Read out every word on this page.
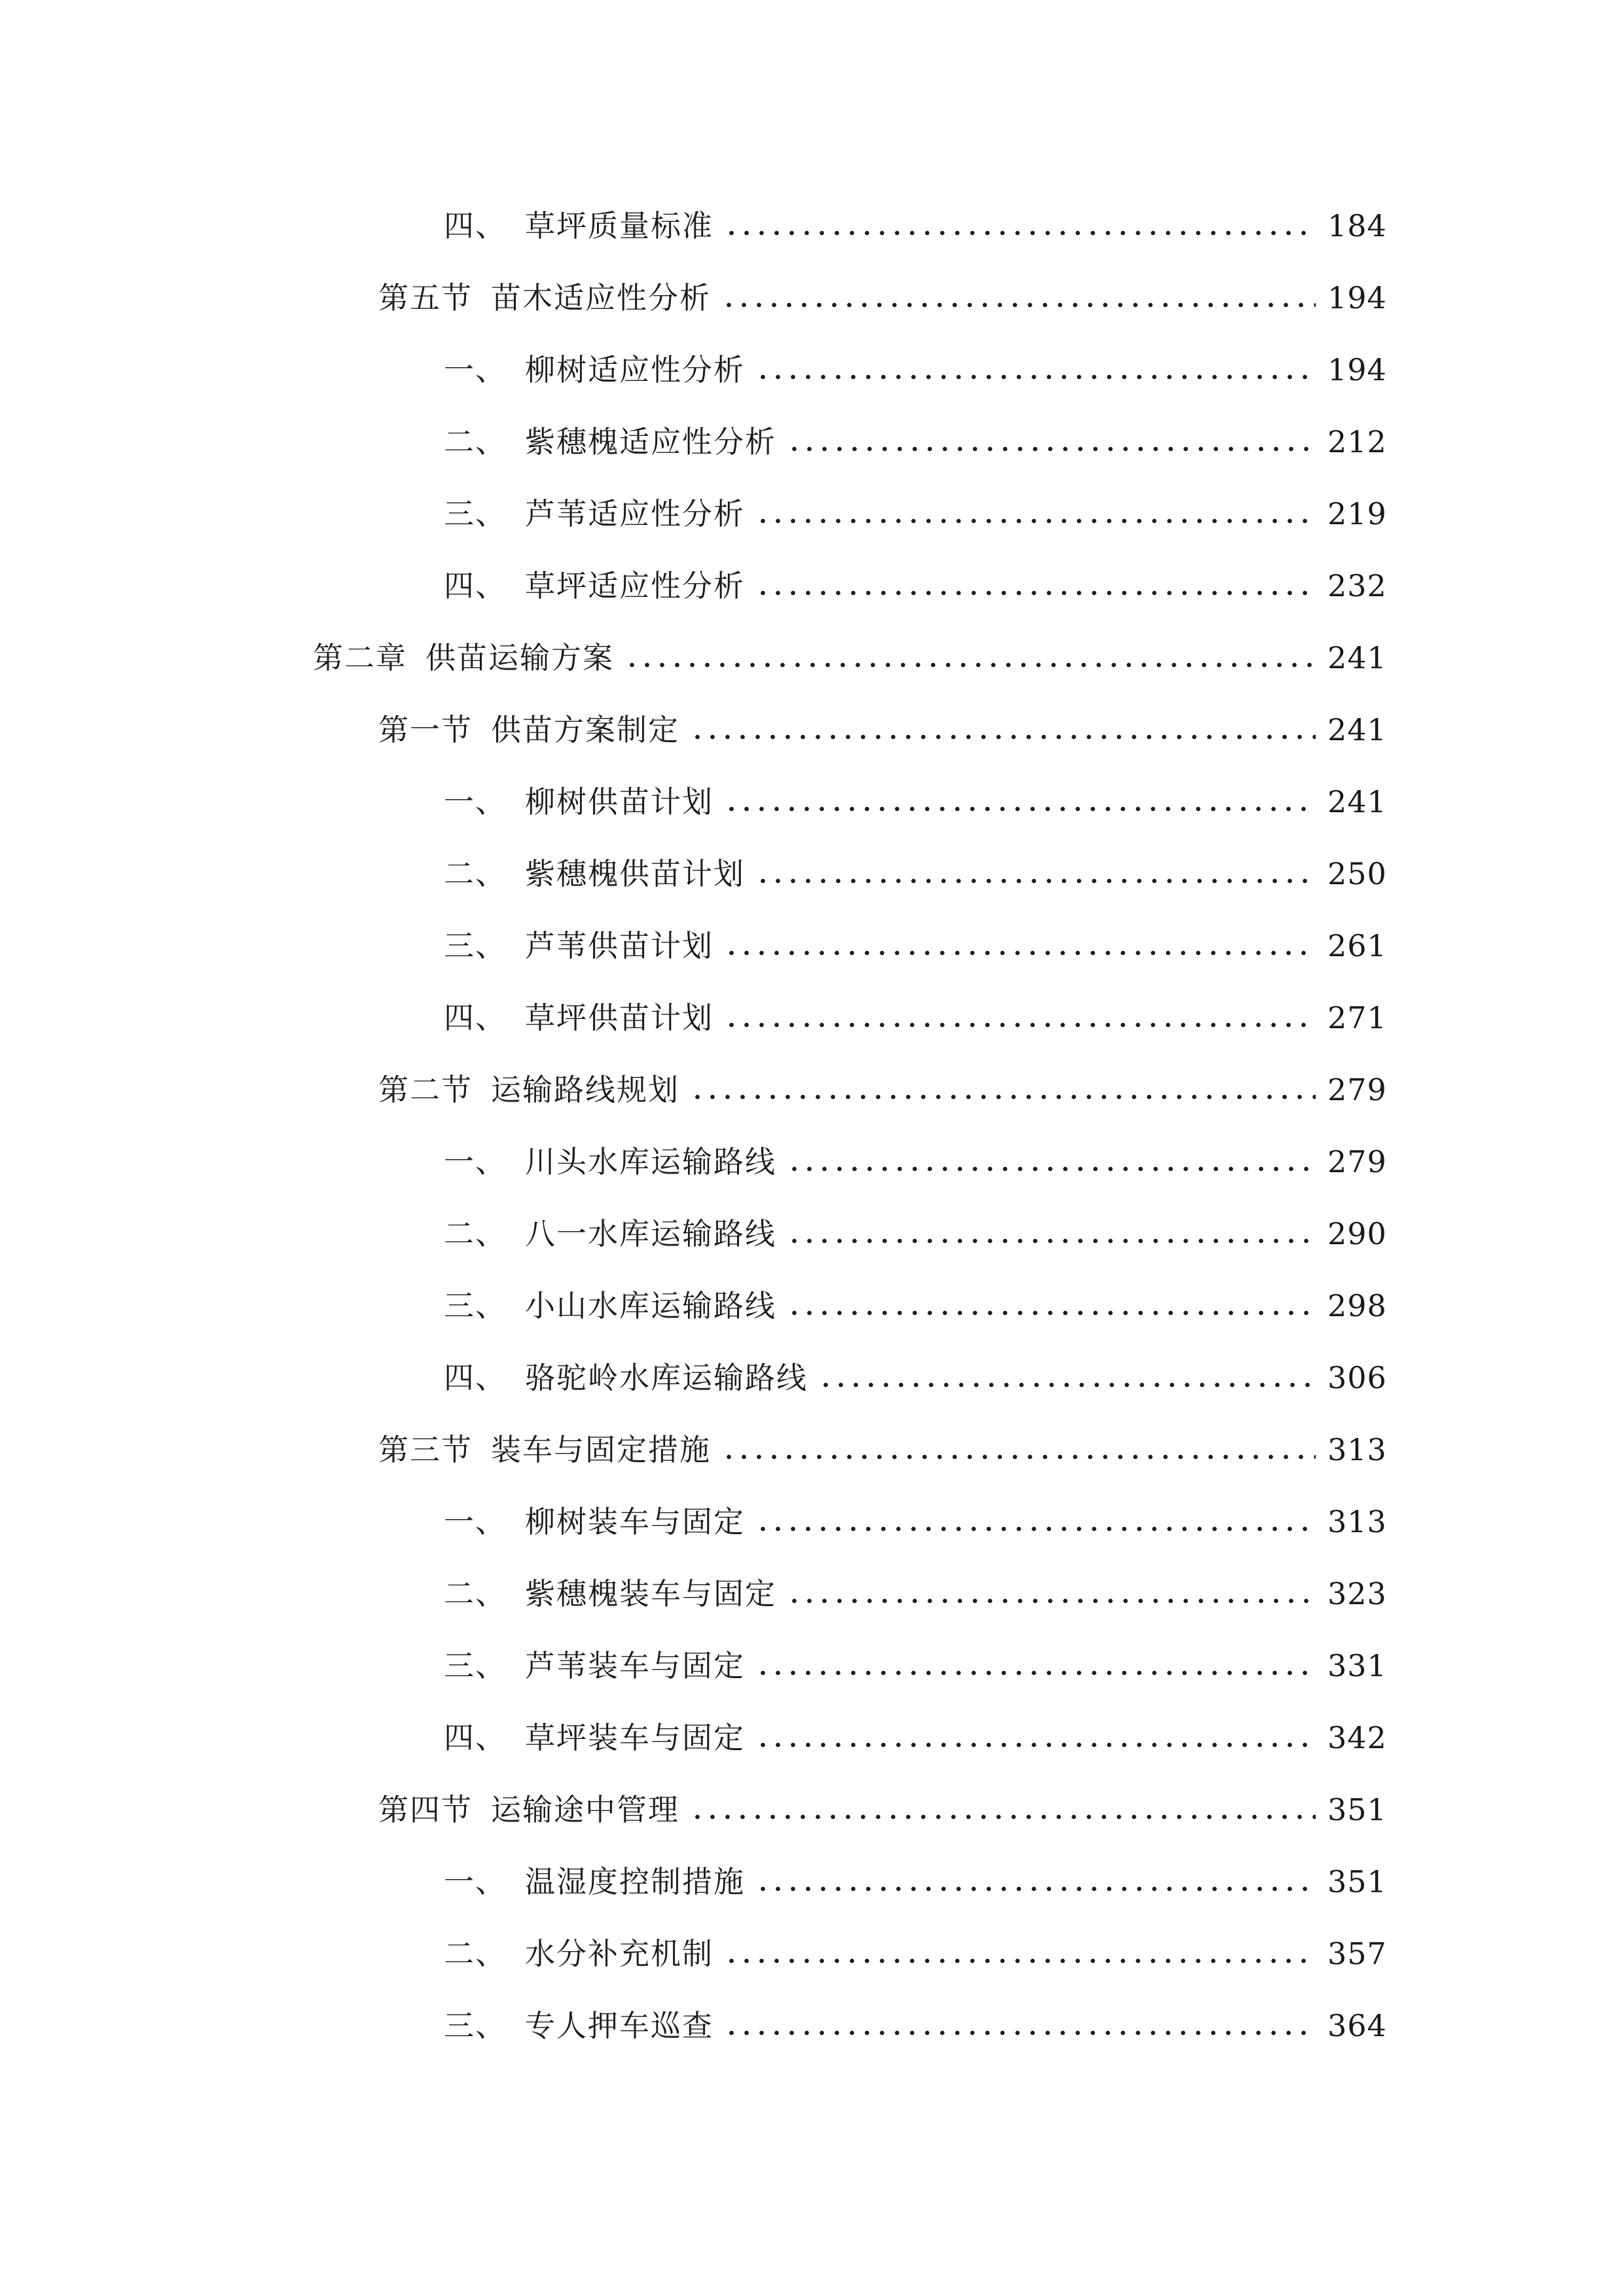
四、 草坪质量标准	184
第五节 苗木适应性分析	194
一、 柳树适应性分析	194
二、 紫穗槐适应性分析	212
三、 芦苇适应性分析	219
四、 草坪适应性分析	232
第二章 供苗运输方案	241
第一节 供苗方案制定	241
一、 柳树供苗计划	241
二、 紫穗槐供苗计划	250
三、 芦苇供苗计划	261
四、 草坪供苗计划	271
第二节 运输路线规划	279
一、 川头水库运输路线	279
二、 八一水库运输路线	290
三、 小山水库运输路线	298
四、 骆驼岭水库运输路线	306
第三节 装车与固定措施	313
一、 柳树装车与固定	313
二、 紫穗槐装车与固定	323
三、 芦苇装车与固定	331
四、 草坪装车与固定	342
第四节 运输途中管理	351
一、 温湿度控制措施	351
二、 水分补充机制	357
三、 专人押车巡查	364
